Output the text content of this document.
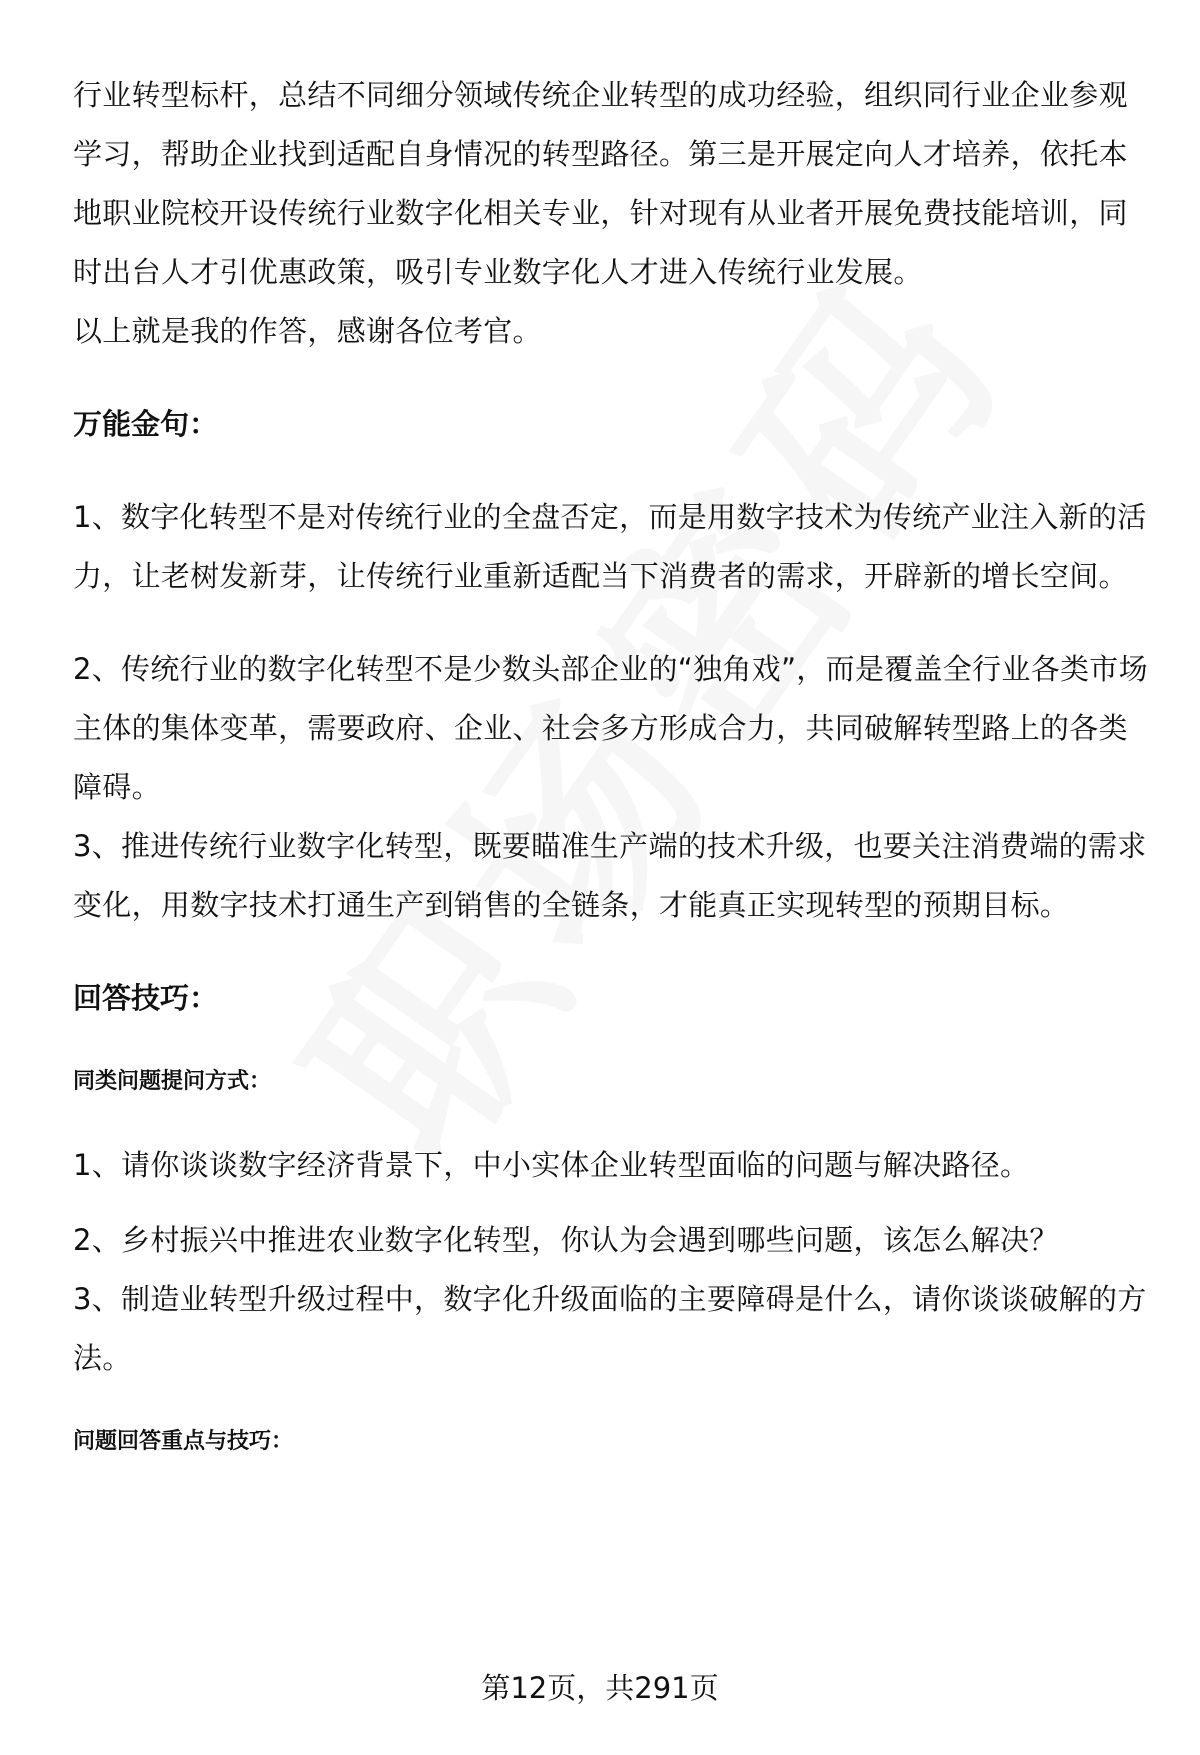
行业转型标杆，总结不同细分领域传统企业转型的成功经验，组织同行业企业参观学习，帮助企业找到适配自身情况的转型路径。第三是开展定向人才培养，依托本地职业院校开设传统行业数字化相关专业，针对现有从业者开展免费技能培训，同时出台人才引优惠政策，吸引专业数字化人才进入传统行业发展。

以上就是我的作答，感谢各位考官。

万能金句：

1、数字化转型不是对传统行业的全盘否定，而是用数字技术为传统产业注入新的活力，让老树发新芽，让传统行业重新适配当下消费者的需求，开辟新的增长空间。

2、传统行业的数字化转型不是少数头部企业的“独角戏”，而是覆盖全行业各类市场主体的集体变革，需要政府、企业、社会多方形成合力，共同破解转型路上的各类障碍。

3、推进传统行业数字化转型，既要瞄准生产端的技术升级，也要关注消费端的需求变化，用数字技术打通生产到销售的全链条，才能真正实现转型的预期目标。

回答技巧：

同类问题提问方式：

1、请你谈谈数字经济背景下，中小实体企业转型面临的问题与解决路径。

2、乡村振兴中推进农业数字化转型，你认为会遇到哪些问题，该怎么解决？

3、制造业转型升级过程中，数字化升级面临的主要障碍是什么，请你谈谈破解的方法。

问题回答重点与技巧：

第12页，共291页
